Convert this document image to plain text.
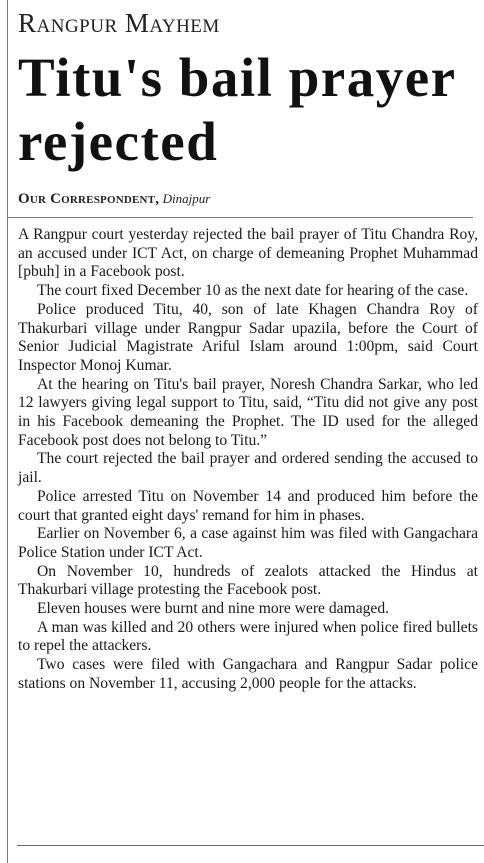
Rangpur Mayhem
Titu's bail prayer rejected
Our Correspondent, Dinajpur

A Rangpur court yesterday rejected the bail prayer of Titu Chandra Roy, an accused under ICT Act, on charge of demeaning Prophet Muhammad [pbuh] in a Facebook post.

The court fixed December 10 as the next date for hearing of the case.

Police produced Titu, 40, son of late Khagen Chandra Roy of Thakurbari village under Rangpur Sadar upazila, before the Court of Senior Judicial Magistrate Ariful Islam around 1:00pm, said Court Inspector Monoj Kumar.

At the hearing on Titu's bail prayer, Noresh Chandra Sarkar, who led 12 lawyers giving legal support to Titu, said, “Titu did not give any post in his Facebook demeaning the Prophet. The ID used for the alleged Facebook post does not belong to Titu.”

The court rejected the bail prayer and ordered sending the accused to jail.

Police arrested Titu on November 14 and produced him before the court that granted eight days' remand for him in phases.

Earlier on November 6, a case against him was filed with Gangachara Police Station under ICT Act.

On November 10, hundreds of zealots attacked the Hindus at Thakurbari village protesting the Facebook post.

Eleven houses were burnt and nine more were damaged.

A man was killed and 20 others were injured when police fired bullets to repel the attackers.

Two cases were filed with Gangachara and Rangpur Sadar police stations on November 11, accusing 2,000 people for the attacks.
